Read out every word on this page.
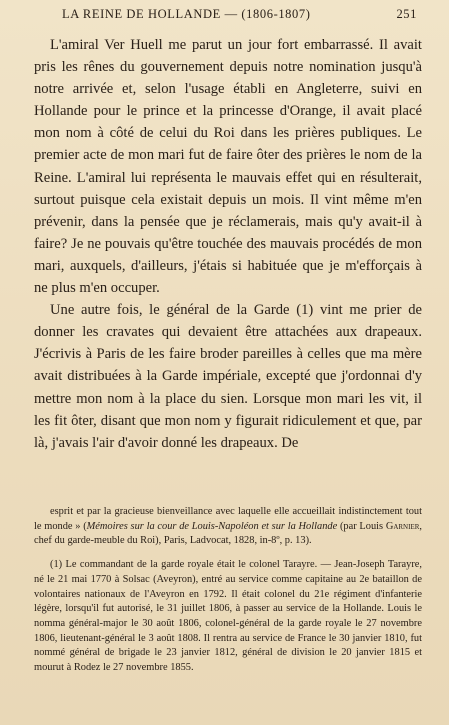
LA REINE DE HOLLANDE — (1806-1807)	251

L'amiral Ver Huell me parut un jour fort embarrassé. Il avait pris les rênes du gouvernement depuis notre nomination jusqu'à notre arrivée et, selon l'usage établi en Angleterre, suivi en Hollande pour le prince et la princesse d'Orange, il avait placé mon nom à côté de celui du Roi dans les prières publiques. Le premier acte de mon mari fut de faire ôter des prières le nom de la Reine. L'amiral lui représenta le mauvais effet qui en résulterait, surtout puisque cela existait depuis un mois. Il vint même m'en prévenir, dans la pensée que je réclamerais, mais qu'y avait-il à faire? Je ne pouvais qu'être touchée des mauvais procédés de mon mari, auxquels, d'ailleurs, j'étais si habituée que je m'efforçais à ne plus m'en occuper.

Une autre fois, le général de la Garde (1) vint me prier de donner les cravates qui devaient être attachées aux drapeaux. J'écrivis à Paris de les faire broder pareilles à celles que ma mère avait distribuées à la Garde impériale, excepté que j'ordonnai d'y mettre mon nom à la place du sien. Lorsque mon mari les vit, il les fit ôter, disant que mon nom y figurait ridiculement et que, par là, j'avais l'air d'avoir donné les drapeaux. De

esprit et par la gracieuse bienveillance avec laquelle elle accueillait indistinctement tout le monde » (Mémoires sur la cour de Louis-Napoléon et sur la Hollande (par Louis Garnier, chef du garde-meuble du Roi), Paris, Ladvocat, 1828, in-8º, p. 13).

(1) Le commandant de la garde royale était le colonel Tarayre. — Jean-Joseph Tarayre, né le 21 mai 1770 à Solsac (Aveyron), entré au service comme capitaine au 2e bataillon de volontaires nationaux de l'Aveyron en 1792. Il était colonel du 21e régiment d'infanterie légère, lorsqu'il fut autorisé, le 31 juillet 1806, à passer au service de la Hollande. Louis le nomma général-major le 30 août 1806, colonel-général de la garde royale le 27 novembre 1806, lieutenant-général le 3 août 1808. Il rentra au service de France le 30 janvier 1810, fut nommé général de brigade le 23 janvier 1812, général de division le 20 janvier 1815 et mourut à Rodez le 27 novembre 1855.
